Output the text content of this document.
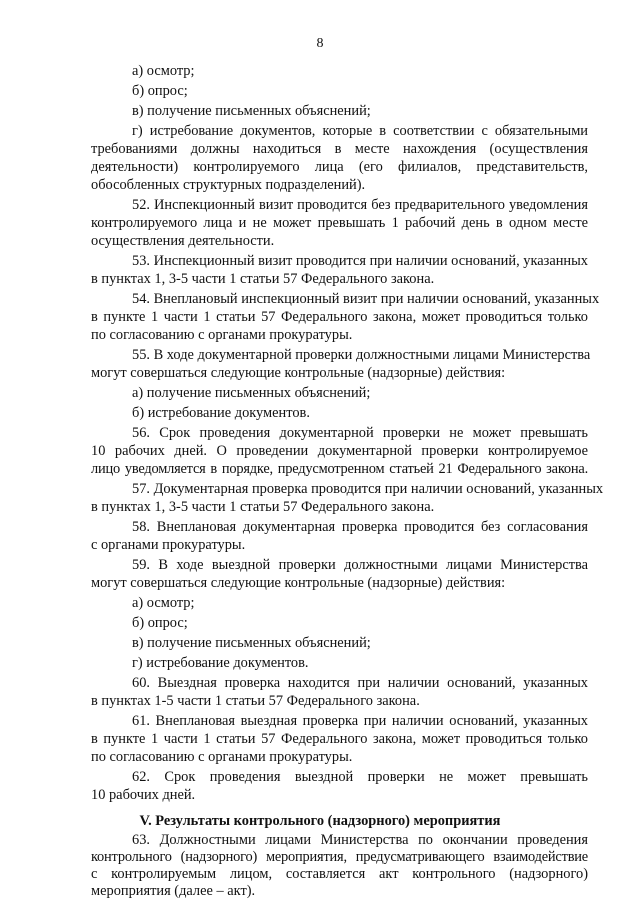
8
а) осмотр;
б) опрос;
в) получение письменных объяснений;
г) истребование документов, которые в соответствии с обязательными
требованиями должны находиться в месте нахождения (осуществления
деятельности) контролируемого лица (его филиалов, представительств,
обособленных структурных подразделений).
52. Инспекционный визит проводится без предварительного уведомления
контролируемого лица и не может превышать 1 рабочий день в одном месте
осуществления деятельности.
53. Инспекционный визит проводится при наличии оснований, указанных
в пунктах 1, 3-5 части 1 статьи 57 Федерального закона.
54. Внеплановый инспекционный визит при наличии оснований, указанных
в пункте 1 части 1 статьи 57 Федерального закона, может проводиться только
по согласованию с органами прокуратуры.
55. В ходе документарной проверки должностными лицами Министерства
могут совершаться следующие контрольные (надзорные) действия:
а) получение письменных объяснений;
б) истребование документов.
56. Срок проведения документарной проверки не может превышать
10 рабочих дней. О проведении документарной проверки контролируемое
лицо уведомляется в порядке, предусмотренном статьей 21 Федерального закона.
57. Документарная проверка проводится при наличии оснований, указанных
в пунктах 1, 3-5 части 1 статьи 57 Федерального закона.
58. Внеплановая документарная проверка проводится без согласования
с органами прокуратуры.
59. В ходе выездной проверки должностными лицами Министерства
могут совершаться следующие контрольные (надзорные) действия:
а) осмотр;
б) опрос;
в) получение письменных объяснений;
г) истребование документов.
60. Выездная проверка находится при наличии оснований, указанных
в пунктах 1-5 части 1 статьи 57 Федерального закона.
61. Внеплановая выездная проверка при наличии оснований, указанных
в пункте 1 части 1 статьи 57 Федерального закона, может проводиться только
по согласованию с органами прокуратуры.
62. Срок проведения выездной проверки не может превышать
10 рабочих дней.
V. Результаты контрольного (надзорного) мероприятия
63. Должностными лицами Министерства по окончании проведения
контрольного (надзорного) мероприятия, предусматривающего взаимодействие
с контролируемым лицом, составляется акт контрольного (надзорного)
мероприятия (далее – акт).
